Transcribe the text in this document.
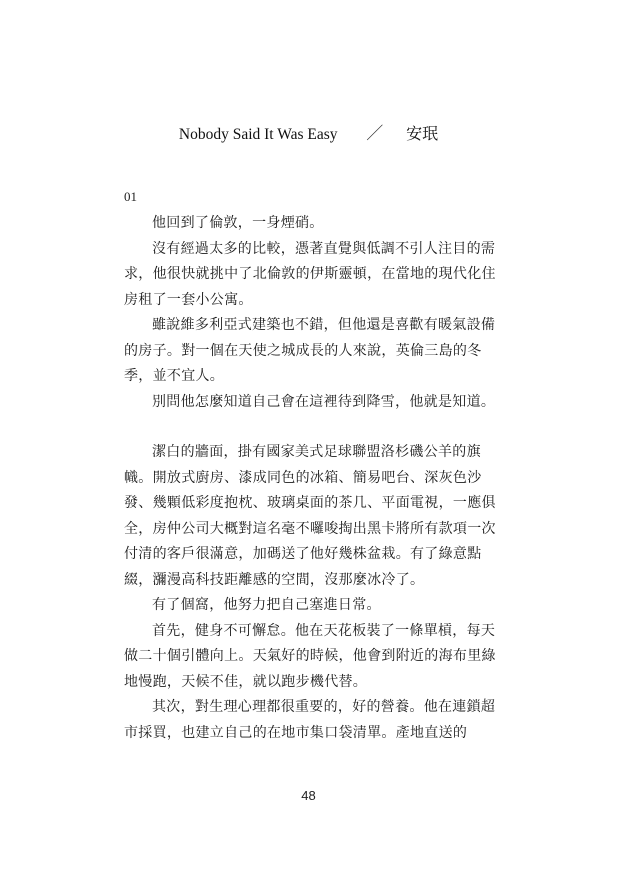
Nobody Said It Was Easy ／ 安珉
01

他回到了倫敦，一身煙硝。

沒有經過太多的比較，憑著直覺與低調不引人注目的需求，他很快就挑中了北倫敦的伊斯靈頓，在當地的現代化住房租了一套小公寓。

雖說維多利亞式建築也不錯，但他還是喜歡有暖氣設備的房子。對一個在天使之城成長的人來說，英倫三島的冬季，並不宜人。

別問他怎麼知道自己會在這裡待到降雪，他就是知道。

潔白的牆面，掛有國家美式足球聯盟洛杉磯公羊的旗幟。開放式廚房、漆成同色的冰箱、簡易吧台、深灰色沙發、幾顆低彩度抱枕、玻璃桌面的茶几、平面電視，一應俱全，房仲公司大概對這名毫不囉唆掏出黑卡將所有款項一次付清的客戶很滿意，加碼送了他好幾株盆栽。有了綠意點綴，瀰漫高科技距離感的空間，沒那麼冰冷了。

有了個窩，他努力把自己塞進日常。

首先，健身不可懈怠。他在天花板裝了一條單槓，每天做二十個引體向上。天氣好的時候，他會到附近的海布里綠地慢跑，天候不佳，就以跑步機代替。

其次，對生理心理都很重要的，好的營養。他在連鎖超市採買，也建立自己的在地市集口袋清單。產地直送的

48
